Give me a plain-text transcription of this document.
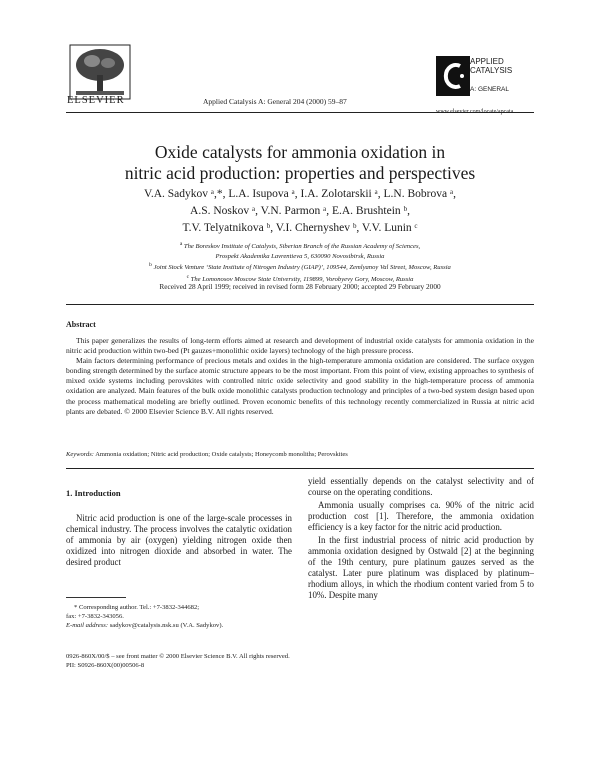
ELSEVIER	Applied Catalysis A: General 204 (2000) 59–87
APPLIED
CATALYSIS
A: GENERAL
www.elsevier.com/locate/apcata
Oxide catalysts for ammonia oxidation in
nitric acid production: properties and perspectives
V.A. Sadykov ᵃ,*, L.A. Isupova ᵃ, I.A. Zolotarskii ᵃ, L.N. Bobrova ᵃ,
A.S. Noskov ᵃ, V.N. Parmon ᵃ, E.A. Brushtein ᵇ,
T.V. Telyatnikova ᵇ, V.I. Chernyshev ᵇ, V.V. Lunin ᶜ
$^a$ The Boreskov Institute of Catalysis, Siberian Branch of the Russian Academy of Sciences,
Prospekt Akademika Lavrentieva 5, 630090 Novosibirsk, Russia
$^b$ Joint Stock Venture ‘State Institute of Nitrogen Industry (GIAP)’, 109544, Zemlyanoy Val Street, Moscow, Russia
$^c$ The Lomonosov Moscow State University, 119899, Vorobyevy Gory, Moscow, Russia
Received 28 April 1999; received in revised form 28 February 2000; accepted 29 February 2000
Abstract

This paper generalizes the results of long-term efforts aimed at research and development of industrial oxide catalysts for ammonia oxidation in the nitric acid production within two-bed (Pt gauzes+monolithic oxide layers) technology of the high pressure process.

Main factors determining performance of precious metals and oxides in the high-temperature ammonia oxidation are considered. The surface oxygen bonding strength determined by the surface atomic structure appears to be the most important. From this point of view, existing approaches to synthesis of mixed oxide systems including perovskites with controlled nitric oxide selectivity and good stability in the high-temperature process of ammonia oxidation are analyzed. Main features of the bulk oxide monolithic catalysts production technology and principles of a two-bed system design based upon the process mathematical modeling are briefly outlined. Proven economic benefits of this technology recently commercialized in Russia at nitric acid plants are debated. © 2000 Elsevier Science B.V. All rights reserved.

Keywords: Ammonia oxidation; Nitric acid production; Oxide catalysts; Honeycomb monoliths; Perovskites
1. Introduction

Nitric acid production is one of the large-scale processes in chemical industry. The process involves the catalytic oxidation of ammonia by air (oxygen) yielding nitrogen oxide then oxidized into nitrogen dioxide and absorbed in water. The desired product

yield essentially depends on the catalyst selectivity and of course on the operating conditions.

Ammonia usually comprises ca. 90% of the nitric acid production cost [1]. Therefore, the ammonia oxidation efficiency is a key factor for the nitric acid production.

In the first industrial process of nitric acid production by ammonia oxidation designed by Ostwald [2] at the beginning of the 19th century, pure platinum gauzes served as the catalyst. Later pure platinum was displaced by platinum–rhodium alloys, in which the rhodium content varied from 5 to 10%. Despite many

* Corresponding author. Tel.: +7-3832-344682;
fax: +7-3832-343056.
E-mail address: sadykov@catalysis.nsk.su (V.A. Sadykov).
0926-860X/00/$ – see front matter © 2000 Elsevier Science B.V. All rights reserved.
PII: S0926-860X(00)00506-8
